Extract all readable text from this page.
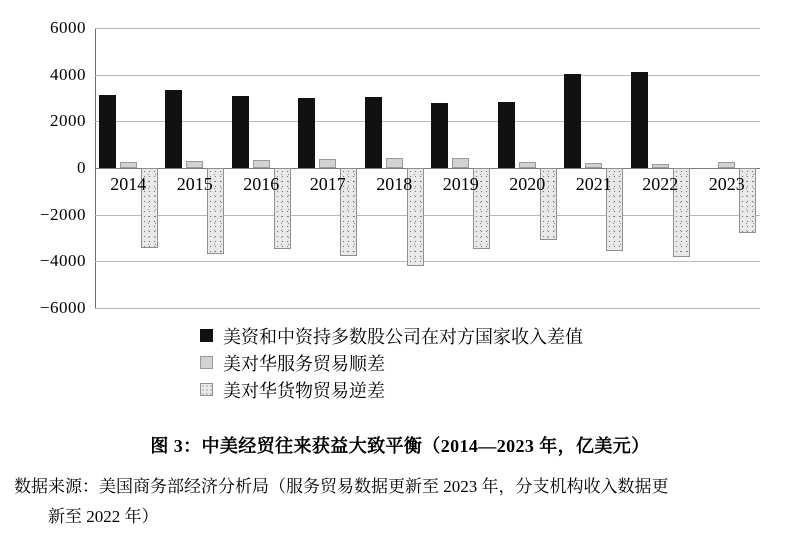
6000
4000
2000
0
−2000
−4000
−6000
2014 2015 2016 2017 2018 2019 2020 2021 2022 2023
美资和中资持多数股公司在对方国家收入差值
美对华服务贸易顺差
美对华货物贸易逆差
图 3：中美经贸往来获益大致平衡（2014—2023 年，亿美元）
数据来源：美国商务部经济分析局（服务贸易数据更新至 2023 年，分支机构收入数据更
新至 2022 年）
